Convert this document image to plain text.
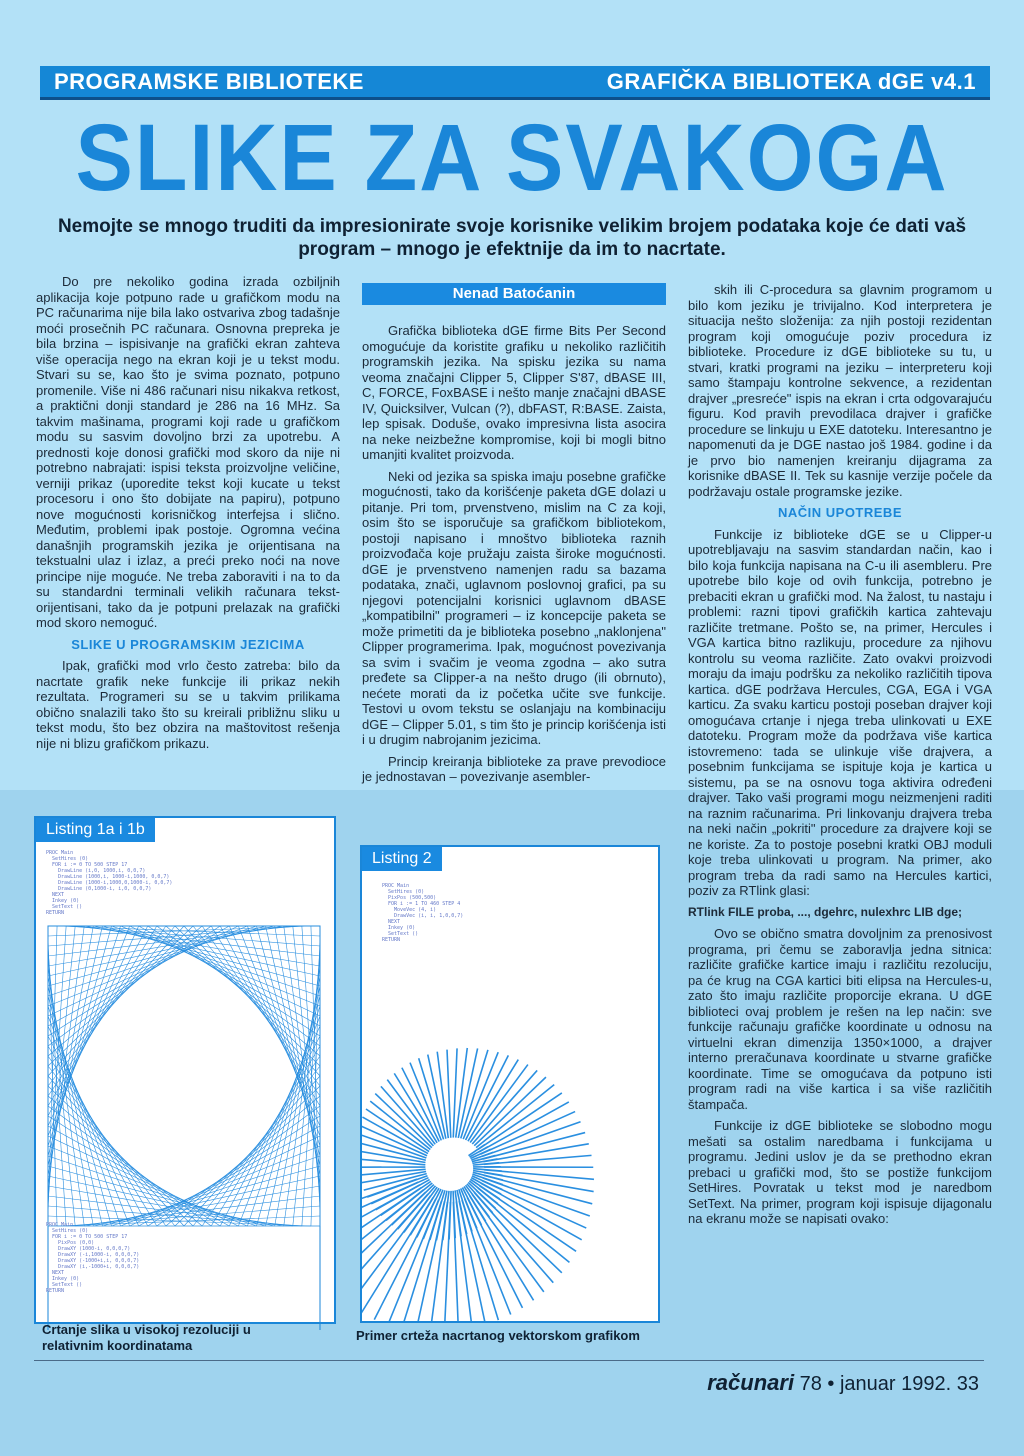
PROGRAMSKE BIBLIOTEKE	GRAFIČKA BIBLIOTEKA dGE v4.1
SLIKE ZA SVAKOGA
Nemojte se mnogo truditi da impresionirate svoje korisnike velikim brojem podataka koje će dati vaš program – mnogo je efektnije da im to nacrtate.

Do pre nekoliko godina izrada ozbiljnih aplikacija koje potpuno rade u grafičkom modu na PC računarima nije bila lako ostvariva zbog tadašnje moći prosečnih PC računara. Osnovna prepreka je bila brzina – ispisivanje na grafički ekran zahteva više operacija nego na ekran koji je u tekst modu. Stvari su se, kao što je svima poznato, potpuno promenile. Više ni 486 računari nisu nikakva retkost, a praktični donji standard je 286 na 16 MHz. Sa takvim mašinama, programi koji rade u grafičkom modu su sasvim dovoljno brzi za upotrebu. A prednosti koje donosi grafički mod skoro da nije ni potrebno nabrajati: ispisi teksta proizvoljne veličine, verniji prikaz (uporedite tekst koji kucate u tekst procesoru i ono što dobijate na papiru), potpuno nove mogućnosti korisničkog interfejsa i slično. Međutim, problemi ipak postoje. Ogromna većina današnjih programskih jezika je orijentisana na tekstualni ulaz i izlaz, a preći preko noći na nove principe nije moguće. Ne treba zaboraviti i na to da su standardni terminali velikih računara tekst-orijentisani, tako da je potpuni prelazak na grafički mod skoro nemoguć.

SLIKE U PROGRAMSKIM JEZICIMA

Ipak, grafički mod vrlo često zatreba: bilo da nacrtate grafik neke funkcije ili prikaz nekih rezultata. Programeri su se u takvim prilikama obično snalazili tako što su kreirali približnu sliku u tekst modu, što bez obzira na maštovitost rešenja nije ni blizu grafičkom prikazu.

Nenad Batoćanin

Grafička biblioteka dGE firme Bits Per Second omogućuje da koristite grafiku u nekoliko različitih programskih jezika. Na spisku jezika su nama veoma značajni Clipper 5, Clipper S'87, dBASE III, C, FORCE, FoxBASE i nešto manje značajni dBASE IV, Quicksilver, Vulcan (?), dbFAST, R:BASE. Zaista, lep spisak. Doduše, ovako impresivna lista asocira na neke neizbežne kompromise, koji bi mogli bitno umanjiti kvalitet proizvoda.

Neki od jezika sa spiska imaju posebne grafičke mogućnosti, tako da korišćenje paketa dGE dolazi u pitanje. Pri tom, prvenstveno, mislim na C za koji, osim što se isporučuje sa grafičkom bibliotekom, postoji napisano i mnoštvo biblioteka raznih proizvođača koje pružaju zaista široke mogućnosti. dGE je prvenstveno namenjen radu sa bazama podataka, znači, uglavnom poslovnoj grafici, pa su njegovi potencijalni korisnici uglavnom dBASE „kompatibilni" programeri – iz koncepcije paketa se može primetiti da je biblioteka posebno „naklonjena" Clipper programerima. Ipak, mogućnost povezivanja sa svim i svačim je veoma zgodna – ako sutra pređete sa Clipper-a na nešto drugo (ili obrnuto), nećete morati da iz početka učite sve funkcije. Testovi u ovom tekstu se oslanjaju na kombinaciju dGE – Clipper 5.01, s tim što je princip korišćenja isti i u drugim nabrojanim jezicima.

Princip kreiranja biblioteke za prave prevodioce je jednostavan – povezivanje asembler-

skih ili C-procedura sa glavnim programom u bilo kom jeziku je trivijalno. Kod interpretera je situacija nešto složenija: za njih postoji rezidentan program koji omogućuje poziv procedura iz biblioteke. Procedure iz dGE biblioteke su tu, u stvari, kratki programi na jeziku – interpreteru koji samo štampaju kontrolne sekvence, a rezidentan drajver „presreće" ispis na ekran i crta odgovarajuću figuru. Kod pravih prevodilaca drajver i grafičke procedure se linkuju u EXE datoteku. Interesantno je napomenuti da je DGE nastao još 1984. godine i da je prvo bio namenjen kreiranju dijagrama za korisnike dBASE II. Tek su kasnije verzije počele da podržavaju ostale programske jezike.

NAČIN UPOTREBE

Funkcije iz biblioteke dGE se u Clipper-u upotrebljavaju na sasvim standardan način, kao i bilo koja funkcija napisana na C-u ili asembleru. Pre upotrebe bilo koje od ovih funkcija, potrebno je prebaciti ekran u grafički mod. Na žalost, tu nastaju i problemi: razni tipovi grafičkih kartica zahtevaju različite tretmane. Pošto se, na primer, Hercules i VGA kartica bitno razlikuju, procedure za njihovu kontrolu su veoma različite. Zato ovakvi proizvodi moraju da imaju podršku za nekoliko različitih tipova kartica. dGE podržava Hercules, CGA, EGA i VGA karticu. Za svaku karticu postoji poseban drajver koji omogućava crtanje i njega treba ulinkovati u EXE datoteku. Program može da podržava više kartica istovremeno: tada se ulinkuje više drajvera, a posebnim funkcijama se ispituje koja je kartica u sistemu, pa se na osnovu toga aktivira određeni drajver. Tako vaši programi mogu neizmenjeni raditi na raznim računarima. Pri linkovanju drajvera treba na neki način „pokriti" procedure za drajvere koji se ne koriste. Za to postoje posebni kratki OBJ moduli koje treba ulinkovati u program. Na primer, ako program treba da radi samo na Hercules kartici, poziv za RTlink glasi:

RTlink FILE proba, ..., dgehrc, nulexhrc LIB dge;

Ovo se obično smatra dovoljnim za prenosivost programa, pri čemu se zaboravlja jedna sitnica: različite grafičke kartice imaju i različitu rezoluciju, pa će krug na CGA kartici biti elipsa na Hercules-u, zato što imaju različite proporcije ekrana. U dGE biblioteci ovaj problem je rešen na lep način: sve funkcije računaju grafičke koordinate u odnosu na virtuelni ekran dimenzija 1350×1000, a drajver interno preračunava koordinate u stvarne grafičke koordinate. Time se omogućava da potpuno isti program radi na više kartica i sa više različitih štampača.

Funkcije iz dGE biblioteke se slobodno mogu mešati sa ostalim naredbama i funkcijama u programu. Jedini uslov je da se prethodno ekran prebaci u grafički mod, što se postiže funkcijom SetHires. Povratak u tekst mod je naredbom SetText. Na primer, program koji ispisuje dijagonalu na ekranu može se napisati ovako:

Listing 1a i 1b
PROC Main
SetHires (0)
FOR i := 0 TO 500 STEP 17
DrawLine (i,0, 1000,i, 0,0,7)
DrawLine (1000,i, 1000-i,1000, 0,0,7)
DrawLine (1000-i,1000,0,1000-i, 0,0,7)
DrawLine (0,1000-i, i,0, 0,0,7)
NEXT
Inkey (0)
SetText ()
RETURN
PROC Main
SetHires (0)
FOR i := 0 TO 500 STEP 17
PixPos (0,0)
DrawXY (1000-i, 0,0,0,7)
DrawXY (-i,1000-i, 0,0,0,7)
DrawXY (-1000+i,i, 0,0,0,7)
DrawXY (i,-1000+i, 0,0,0,7)
NEXT
Inkey (0)
SetText ()
RETURN
Crtanje slika u visokoj rezoluciji u relativnim koordinatama
Listing 2
PROC Main
SetHires (0)
PixPos (500,500)
FOR i := 1 TO 460 STEP 4
MoveVec (4, i)
DrawVec (i, i, 1,0,0,7)
NEXT
Inkey (0)
SetText ()
RETURN
Primer crteža nacrtanog vektorskom grafikom
računari 78 • januar 1992. 33
